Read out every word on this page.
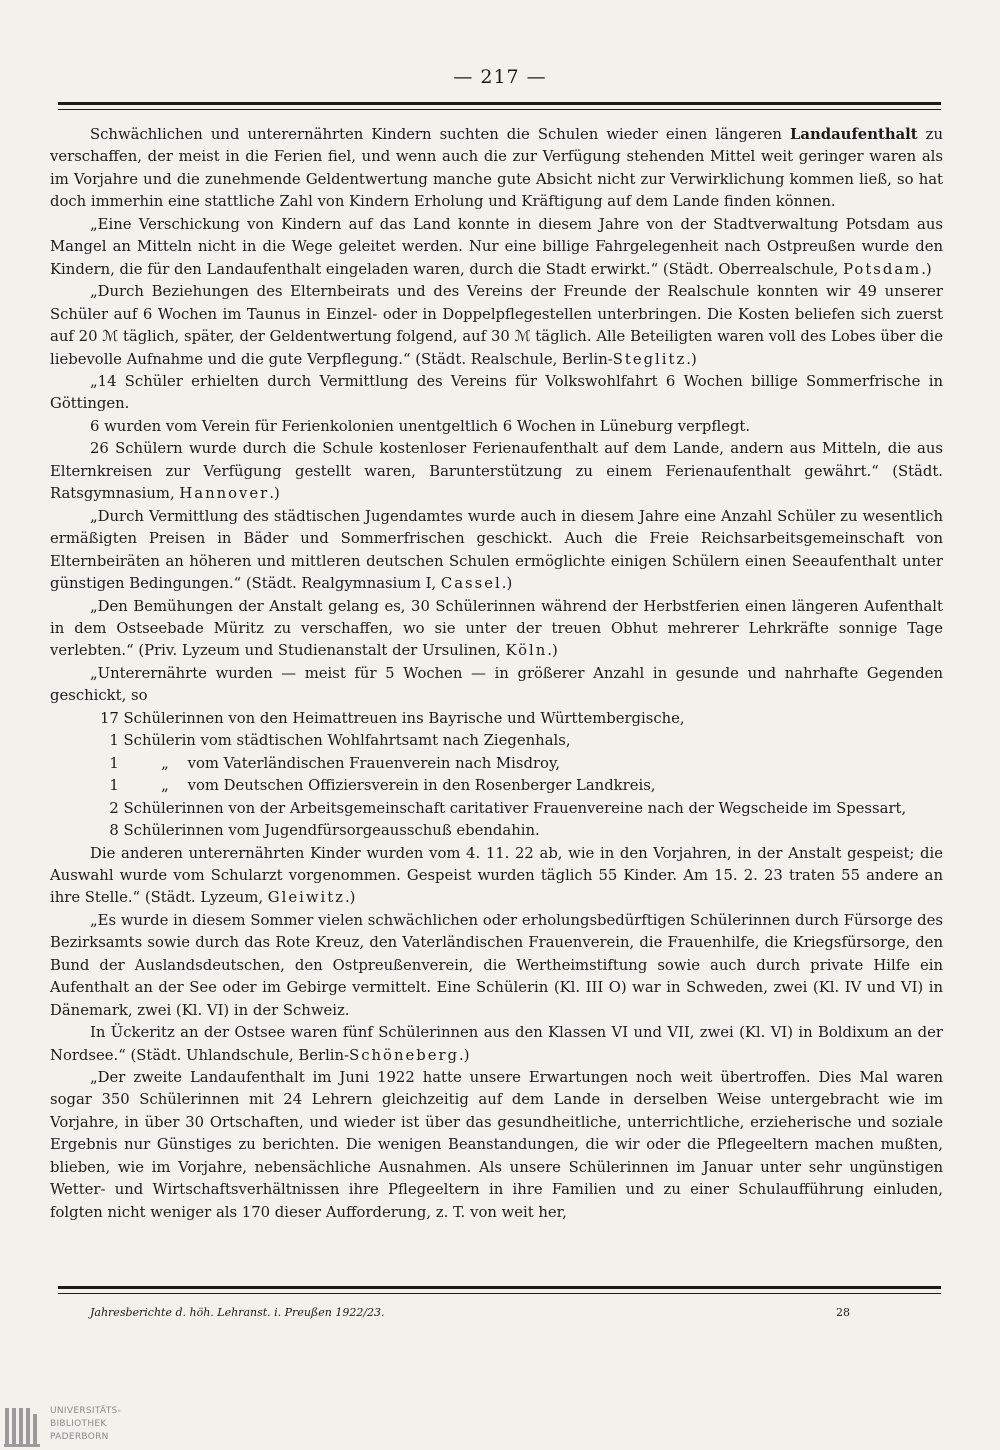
— 217 —

Schwächlichen und unterernährten Kindern suchten die Schulen wieder einen längeren Landaufenthalt zu verschaffen, der meist in die Ferien fiel, und wenn auch die zur Verfügung stehenden Mittel weit geringer waren als im Vorjahre und die zunehmende Geldentwertung manche gute Absicht nicht zur Verwirklichung kommen ließ, so hat doch immerhin eine stattliche Zahl von Kindern Erholung und Kräftigung auf dem Lande finden können.

„Eine Verschickung von Kindern auf das Land konnte in diesem Jahre von der Stadtverwaltung Potsdam aus Mangel an Mitteln nicht in die Wege geleitet werden. Nur eine billige Fahrgelegenheit nach Ostpreußen wurde den Kindern, die für den Landaufenthalt eingeladen waren, durch die Stadt erwirkt.“ (Städt. Oberrealschule, Potsdam.)

„Durch Beziehungen des Elternbeirats und des Vereins der Freunde der Realschule konnten wir 49 unserer Schüler auf 6 Wochen im Taunus in Einzel- oder in Doppelpflegestellen unterbringen. Die Kosten beliefen sich zuerst auf 20 ℳ täglich, später, der Geldentwertung folgend, auf 30 ℳ täglich. Alle Beteiligten waren voll des Lobes über die liebevolle Aufnahme und die gute Verpflegung.“ (Städt. Realschule, Berlin-Steglitz.)

„14 Schüler erhielten durch Vermittlung des Vereins für Volkswohlfahrt 6 Wochen billige Sommerfrische in Göttingen.

6 wurden vom Verein für Ferienkolonien unentgeltlich 6 Wochen in Lüneburg verpflegt.

26 Schülern wurde durch die Schule kostenloser Ferienaufenthalt auf dem Lande, andern aus Mitteln, die aus Elternkreisen zur Verfügung gestellt waren, Barunterstützung zu einem Ferienaufenthalt gewährt.“ (Städt. Ratsgymnasium, Hannover.)

„Durch Vermittlung des städtischen Jugendamtes wurde auch in diesem Jahre eine Anzahl Schüler zu wesentlich ermäßigten Preisen in Bäder und Sommerfrischen geschickt. Auch die Freie Reichsarbeitsgemeinschaft von Elternbeiräten an höheren und mittleren deutschen Schulen ermöglichte einigen Schülern einen Seeaufenthalt unter günstigen Bedingungen.“ (Städt. Realgymnasium I, Cassel.)

„Den Bemühungen der Anstalt gelang es, 30 Schülerinnen während der Herbstferien einen längeren Aufenthalt in dem Ostseebade Müritz zu verschaffen, wo sie unter der treuen Obhut mehrerer Lehrkräfte sonnige Tage verlebten.“ (Priv. Lyzeum und Studienanstalt der Ursulinen, Köln.)

„Unterernährte wurden — meist für 5 Wochen — in größerer Anzahl in gesunde und nahrhafte Gegenden geschickt, so

17 Schülerinnen von den Heimattreuen ins Bayrische und Württembergische,

1 Schülerin vom städtischen Wohlfahrtsamt nach Ziegenhals,

1         „    vom Vaterländischen Frauenverein nach Misdroy,

1         „    vom Deutschen Offiziersverein in den Rosenberger Landkreis,

2 Schülerinnen von der Arbeitsgemeinschaft caritativer Frauenvereine nach der Wegscheide im Spessart,

8 Schülerinnen vom Jugendfürsorgeausschuß ebendahin.

Die anderen unterernährten Kinder wurden vom 4. 11. 22 ab, wie in den Vorjahren, in der Anstalt gespeist; die Auswahl wurde vom Schularzt vorgenommen. Gespeist wurden täglich 55 Kinder. Am 15. 2. 23 traten 55 andere an ihre Stelle.“ (Städt. Lyzeum, Gleiwitz.)

„Es wurde in diesem Sommer vielen schwächlichen oder erholungsbedürftigen Schülerinnen durch Fürsorge des Bezirksamts sowie durch das Rote Kreuz, den Vaterländischen Frauenverein, die Frauenhilfe, die Kriegsfürsorge, den Bund der Auslandsdeutschen, den Ostpreußenverein, die Wertheimstiftung sowie auch durch private Hilfe ein Aufenthalt an der See oder im Gebirge vermittelt. Eine Schülerin (Kl. III O) war in Schweden, zwei (Kl. IV und VI) in Dänemark, zwei (Kl. VI) in der Schweiz.

In Ückeritz an der Ostsee waren fünf Schülerinnen aus den Klassen VI und VII, zwei (Kl. VI) in Boldixum an der Nordsee.“ (Städt. Uhlandschule, Berlin-Schöneberg.)

„Der zweite Landaufenthalt im Juni 1922 hatte unsere Erwartungen noch weit übertroffen. Dies Mal waren sogar 350 Schülerinnen mit 24 Lehrern gleichzeitig auf dem Lande in derselben Weise untergebracht wie im Vorjahre, in über 30 Ortschaften, und wieder ist über das gesundheitliche, unterrichtliche, erzieherische und soziale Ergebnis nur Günstiges zu berichten. Die wenigen Beanstandungen, die wir oder die Pflegeeltern machen mußten, blieben, wie im Vorjahre, nebensächliche Ausnahmen. Als unsere Schülerinnen im Januar unter sehr ungünstigen Wetter- und Wirtschaftsverhältnissen ihre Pflegeeltern in ihre Familien und zu einer Schulaufführung einluden, folgten nicht weniger als 170 dieser Aufforderung, z. T. von weit her,

Jahresberichte d. höh. Lehranst. i. Preußen 1922/23.	28
UNIVERSITÄTS-
BIBLIOTHEK
PADERBORN
